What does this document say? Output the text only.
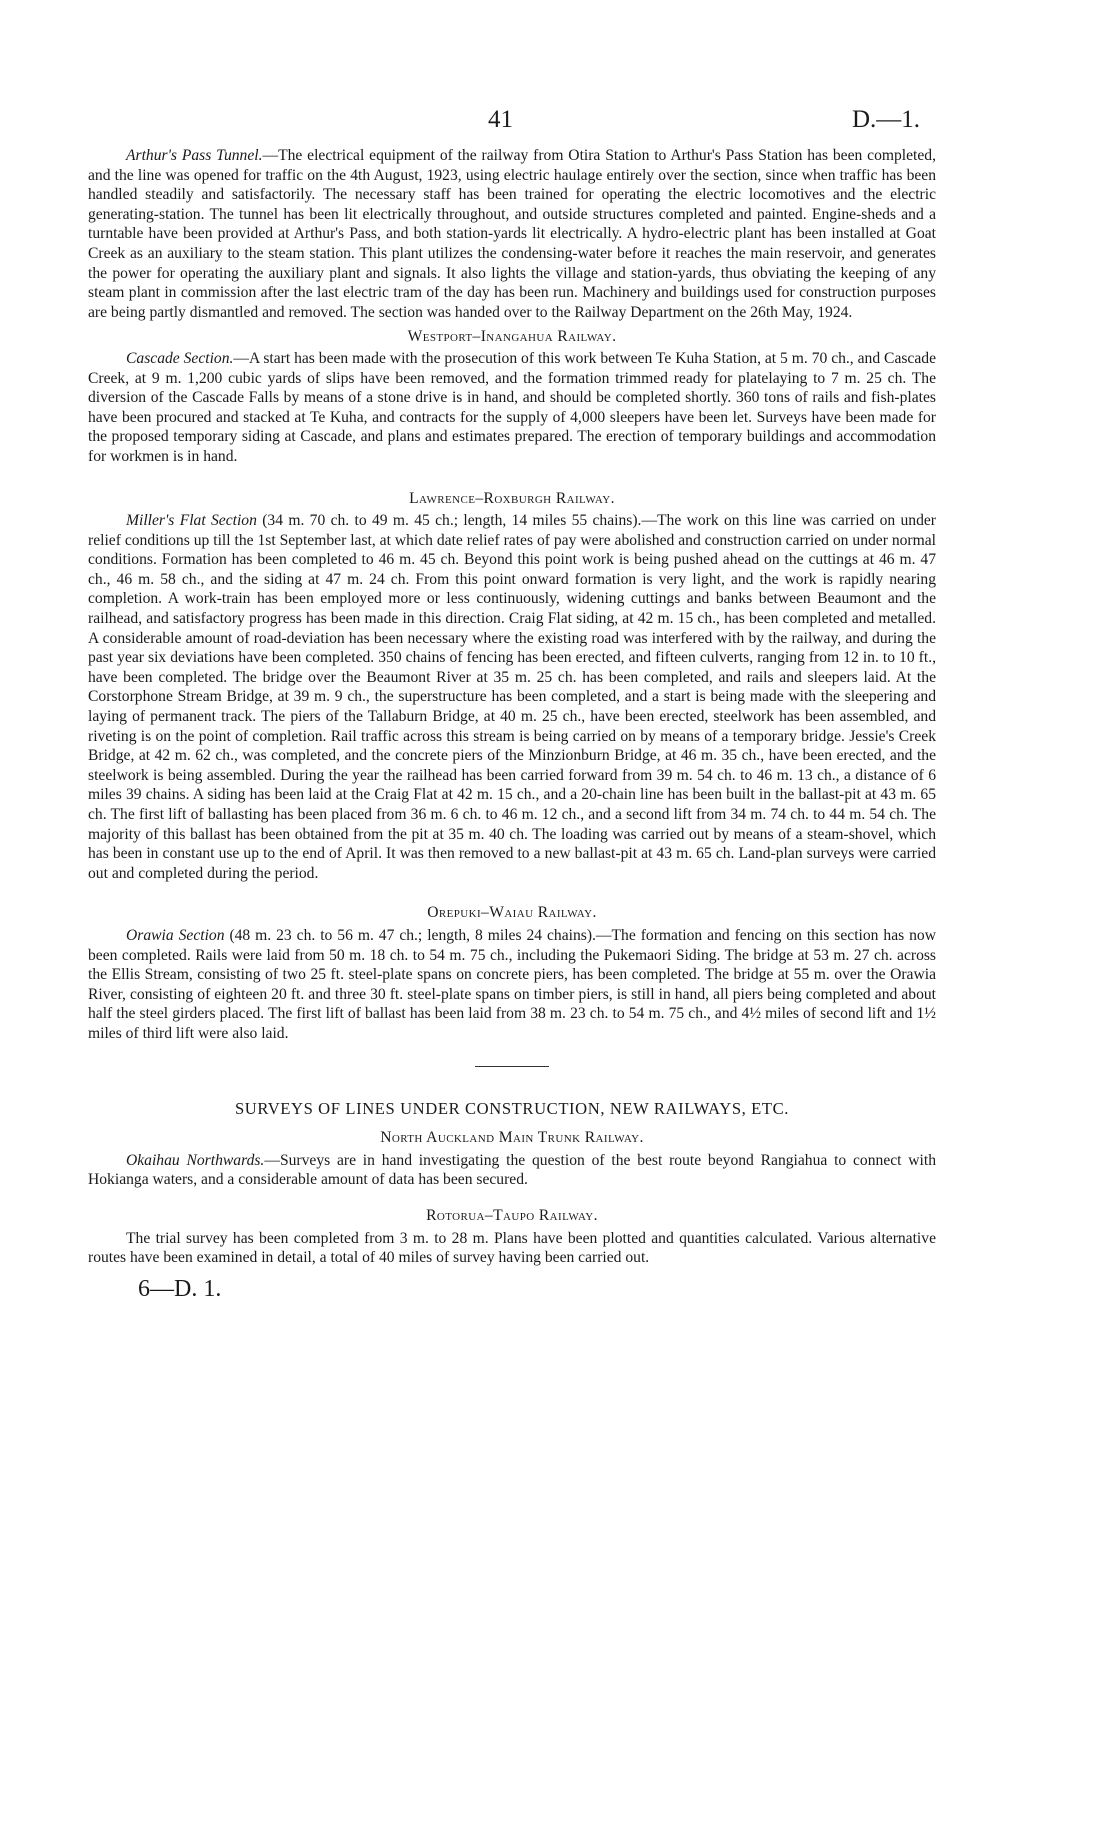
41	D.—1.

Arthur's Pass Tunnel.—The electrical equipment of the railway from Otira Station to Arthur's Pass Station has been completed, and the line was opened for traffic on the 4th August, 1923, using electric haulage entirely over the section, since when traffic has been handled steadily and satisfactorily. The necessary staff has been trained for operating the electric locomotives and the electric generating-station. The tunnel has been lit electrically throughout, and outside structures completed and painted. Engine-sheds and a turntable have been provided at Arthur's Pass, and both station-yards lit electrically. A hydro-electric plant has been installed at Goat Creek as an auxiliary to the steam station. This plant utilizes the condensing-water before it reaches the main reservoir, and generates the power for operating the auxiliary plant and signals. It also lights the village and station-yards, thus obviating the keeping of any steam plant in commission after the last electric tram of the day has been run. Machinery and buildings used for construction purposes are being partly dismantled and removed. The section was handed over to the Railway Department on the 26th May, 1924.

Westport–Inangahua Railway.

Cascade Section.—A start has been made with the prosecution of this work between Te Kuha Station, at 5 m. 70 ch., and Cascade Creek, at 9 m. 1,200 cubic yards of slips have been removed, and the formation trimmed ready for platelaying to 7 m. 25 ch. The diversion of the Cascade Falls by means of a stone drive is in hand, and should be completed shortly. 360 tons of rails and fish-plates have been procured and stacked at Te Kuha, and contracts for the supply of 4,000 sleepers have been let. Surveys have been made for the proposed temporary siding at Cascade, and plans and estimates prepared. The erection of temporary buildings and accommodation for workmen is in hand.

Lawrence–Roxburgh Railway.

Miller's Flat Section (34 m. 70 ch. to 49 m. 45 ch.; length, 14 miles 55 chains).—The work on this line was carried on under relief conditions up till the 1st September last, at which date relief rates of pay were abolished and construction carried on under normal conditions. Formation has been completed to 46 m. 45 ch. Beyond this point work is being pushed ahead on the cuttings at 46 m. 47 ch., 46 m. 58 ch., and the siding at 47 m. 24 ch. From this point onward formation is very light, and the work is rapidly nearing completion. A work-train has been employed more or less continuously, widening cuttings and banks between Beaumont and the railhead, and satisfactory progress has been made in this direction. Craig Flat siding, at 42 m. 15 ch., has been completed and metalled. A considerable amount of road-deviation has been necessary where the existing road was interfered with by the railway, and during the past year six deviations have been completed. 350 chains of fencing has been erected, and fifteen culverts, ranging from 12 in. to 10 ft., have been completed. The bridge over the Beaumont River at 35 m. 25 ch. has been completed, and rails and sleepers laid. At the Corstorphone Stream Bridge, at 39 m. 9 ch., the superstructure has been completed, and a start is being made with the sleepering and laying of permanent track. The piers of the Tallaburn Bridge, at 40 m. 25 ch., have been erected, steelwork has been assembled, and riveting is on the point of completion. Rail traffic across this stream is being carried on by means of a temporary bridge. Jessie's Creek Bridge, at 42 m. 62 ch., was completed, and the concrete piers of the Minzionburn Bridge, at 46 m. 35 ch., have been erected, and the steelwork is being assembled. During the year the railhead has been carried forward from 39 m. 54 ch. to 46 m. 13 ch., a distance of 6 miles 39 chains. A siding has been laid at the Craig Flat at 42 m. 15 ch., and a 20-chain line has been built in the ballast-pit at 43 m. 65 ch. The first lift of ballasting has been placed from 36 m. 6 ch. to 46 m. 12 ch., and a second lift from 34 m. 74 ch. to 44 m. 54 ch. The majority of this ballast has been obtained from the pit at 35 m. 40 ch. The loading was carried out by means of a steam-shovel, which has been in constant use up to the end of April. It was then removed to a new ballast-pit at 43 m. 65 ch. Land-plan surveys were carried out and completed during the period.

Orepuki–Waiau Railway.

Orawia Section (48 m. 23 ch. to 56 m. 47 ch.; length, 8 miles 24 chains).—The formation and fencing on this section has now been completed. Rails were laid from 50 m. 18 ch. to 54 m. 75 ch., including the Pukemaori Siding. The bridge at 53 m. 27 ch. across the Ellis Stream, consisting of two 25 ft. steel-plate spans on concrete piers, has been completed. The bridge at 55 m. over the Orawia River, consisting of eighteen 20 ft. and three 30 ft. steel-plate spans on timber piers, is still in hand, all piers being completed and about half the steel girders placed. The first lift of ballast has been laid from 38 m. 23 ch. to 54 m. 75 ch., and 4½ miles of second lift and 1½ miles of third lift were also laid.

SURVEYS OF LINES UNDER CONSTRUCTION, NEW RAILWAYS, ETC.
North Auckland Main Trunk Railway.

Okaihau Northwards.—Surveys are in hand investigating the question of the best route beyond Rangiahua to connect with Hokianga waters, and a considerable amount of data has been secured.

Rotorua–Taupo Railway.

The trial survey has been completed from 3 m. to 28 m. Plans have been plotted and quantities calculated. Various alternative routes have been examined in detail, a total of 40 miles of survey having been carried out.

6—D. 1.
